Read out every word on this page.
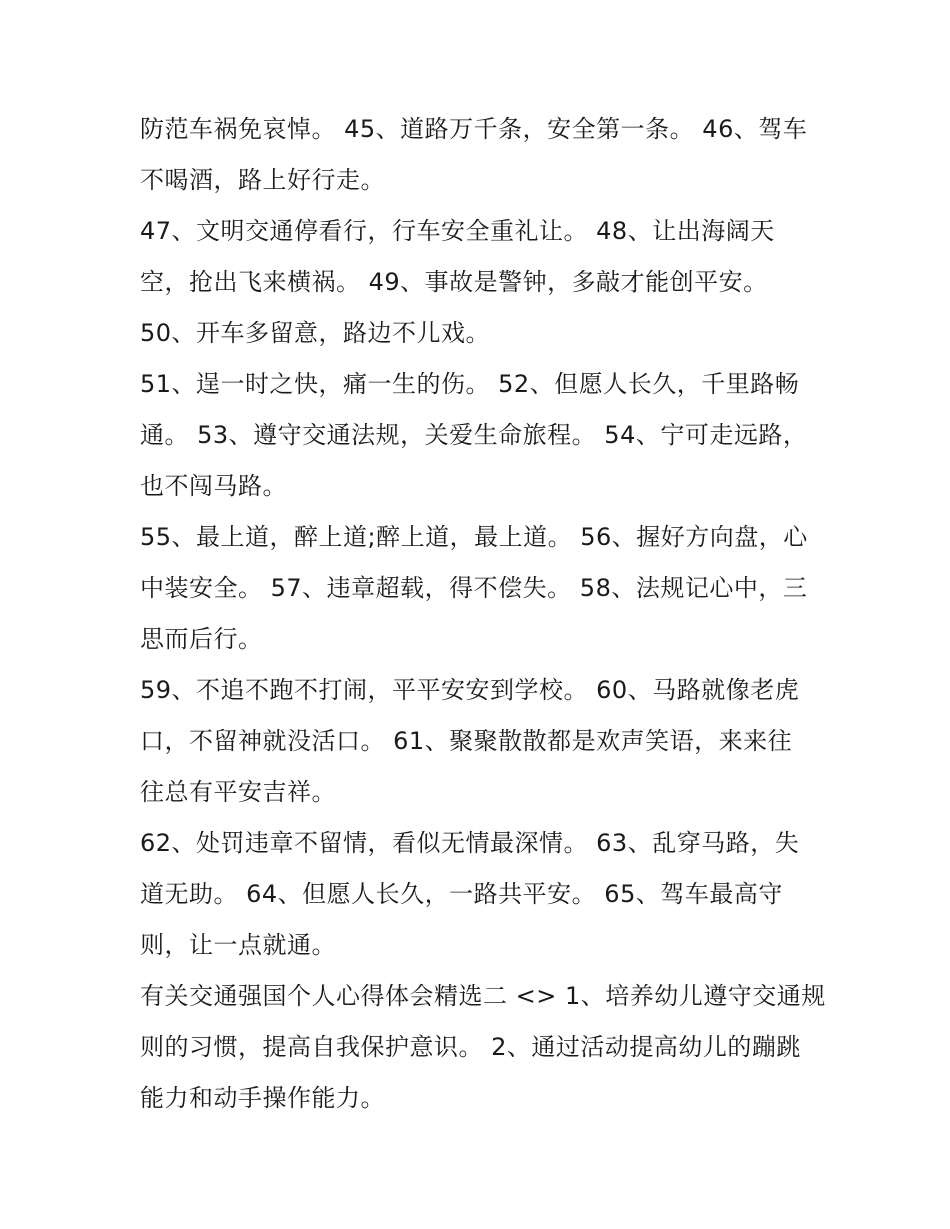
防范车祸免哀悼。 45、道路万千条，安全第一条。 46、驾车
不喝酒，路上好行走。
47、文明交通停看行，行车安全重礼让。 48、让出海阔天
空，抢出飞来横祸。 49、事故是警钟，多敲才能创平安。
50、开车多留意，路边不儿戏。
51、逞一时之快，痛一生的伤。 52、但愿人长久，千里路畅
通。 53、遵守交通法规，关爱生命旅程。 54、宁可走远路，
也不闯马路。
55、最上道，醉上道;醉上道，最上道。 56、握好方向盘，心
中装安全。 57、违章超载，得不偿失。 58、法规记心中，三
思而后行。
59、不追不跑不打闹，平平安安到学校。 60、马路就像老虎
口，不留神就没活口。 61、聚聚散散都是欢声笑语，来来往
往总有平安吉祥。
62、处罚违章不留情，看似无情最深情。 63、乱穿马路，失
道无助。 64、但愿人长久，一路共平安。 65、驾车最高守
则，让一点就通。
有关交通强国个人心得体会精选二 <> 1、培养幼儿遵守交通规
则的习惯，提高自我保护意识。 2、通过活动提高幼儿的蹦跳
能力和动手操作能力。
